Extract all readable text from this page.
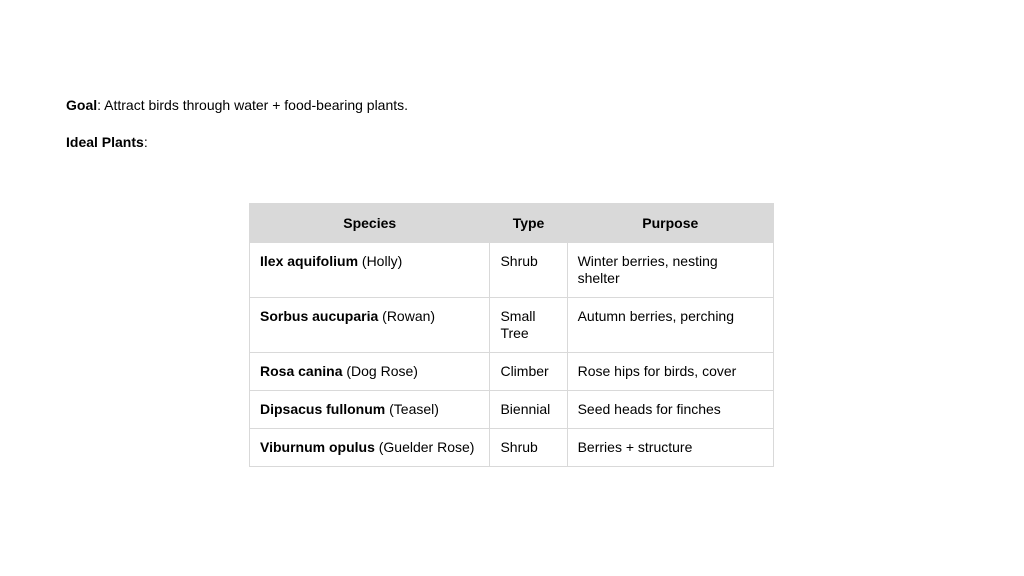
Goal: Attract birds through water + food-bearing plants.
Ideal Plants:
Species	Type	Purpose
Ilex aquifolium (Holly)	Shrub	Winter berries, nesting shelter
Sorbus aucuparia (Rowan)	Small Tree	Autumn berries, perching
Rosa canina (Dog Rose)	Climber	Rose hips for birds, cover
Dipsacus fullonum (Teasel)	Biennial	Seed heads for finches
Viburnum opulus (Guelder Rose)	Shrub	Berries + structure
